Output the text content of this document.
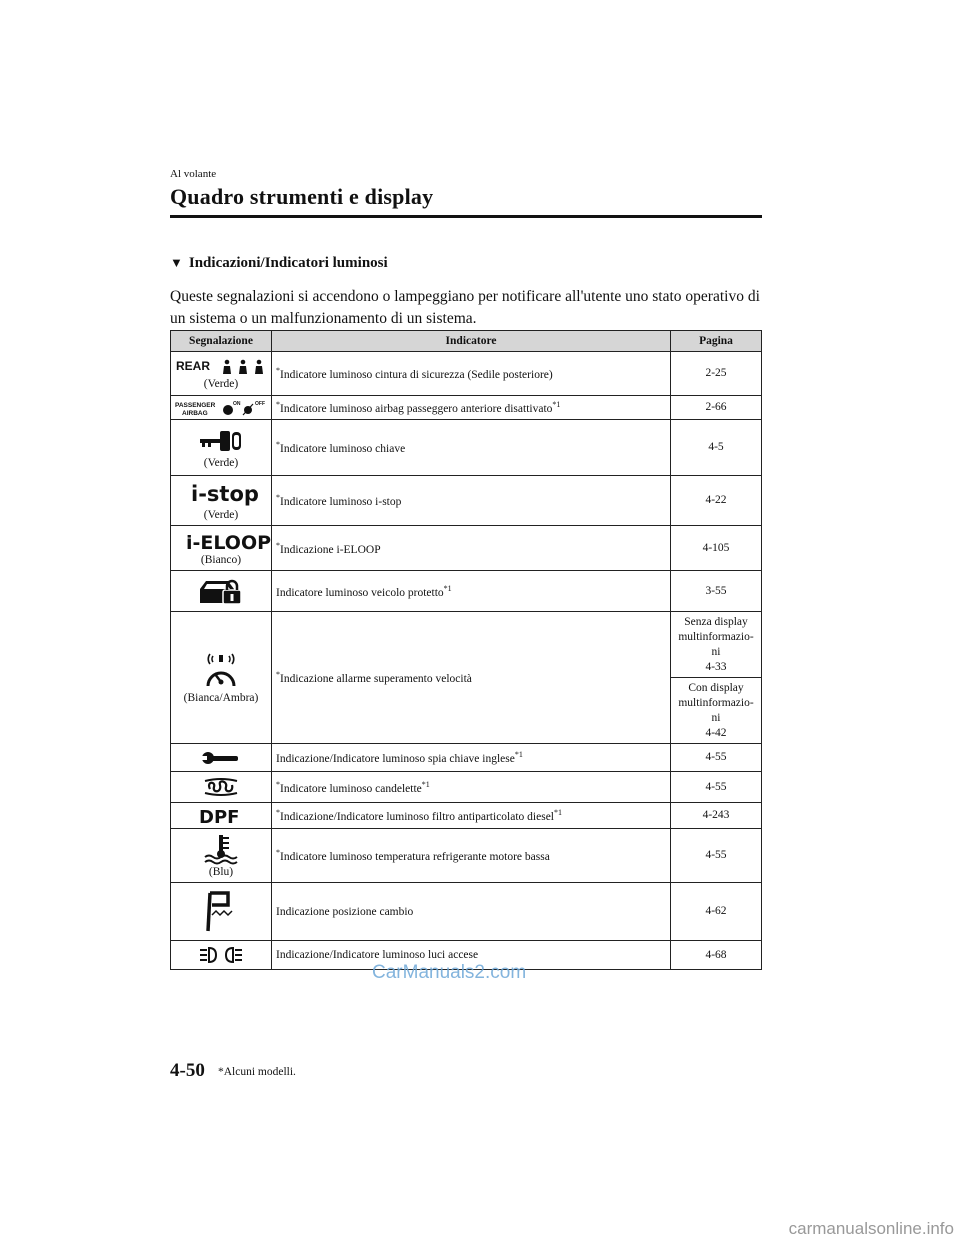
Al volante
Quadro strumenti e display
▼ Indicazioni/Indicatori luminosi
Queste segnalazioni si accendono o lampeggiano per notificare all'utente uno stato operativo di un sistema o un malfunzionamento di un sistema.
Segnalazione	Indicatore	Pagina

REAR
(Verde)	*Indicatore luminoso cintura di sicurezza (Sedile posteriore)	2-25

PASSENGER
AIRBAG
ON OFF	*Indicatore luminoso airbag passeggero anteriore disattivato$^{*1}$	2-66

(Verde)	*Indicatore luminoso chiave	4-5

i-stop
(Verde)	*Indicatore luminoso i-stop	4-22

i-ELOOP
(Bianco)	*Indicazione i-ELOOP	4-105

	Indicatore luminoso veicolo protetto$^{*1}$	3-55

(Bianca/Ambra)	*Indicazione allarme superamento velocità	Senza display
multinformazio-
ni
4-33
		Con display
multinformazio-
ni
4-42

	Indicazione/Indicatore luminoso spia chiave inglese$^{*1}$	4-55

	*Indicatore luminoso candelette$^{*1}$	4-55

DPF	*Indicazione/Indicatore luminoso filtro antiparticolato diesel$^{*1}$	4-243

(Blu)	*Indicatore luminoso temperatura refrigerante motore bassa	4-55

	Indicazione posizione cambio	4-62

	Indicazione/Indicatore luminoso luci accese	4-68
4-50 *Alcuni modelli.
CarManuals2.com
carmanualsonline.info
